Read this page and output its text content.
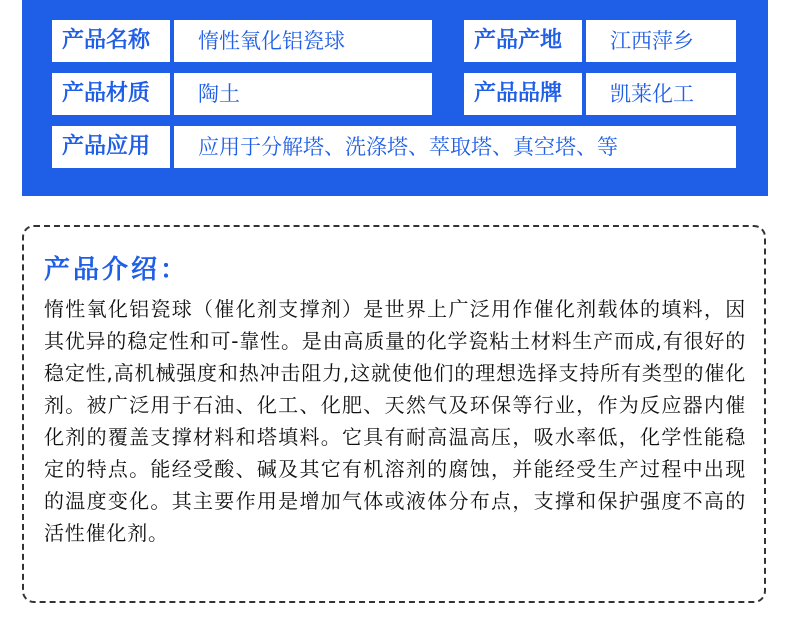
产品名称	惰性氧化铝瓷球	产品产地	江西萍乡
产品材质	陶土	产品品牌	凯莱化工
产品应用	应用于分解塔、洗涤塔、萃取塔、真空塔、等
产品介绍：

惰性氧化铝瓷球（催化剂支撑剂）是世界上广泛用作催化剂载体的填料，因其优异的稳定性和可-靠性。是由高质量的化学瓷粘土材料生产而成,有很好的稳定性,高机械强度和热冲击阻力,这就使他们的理想选择支持所有类型的催化剂。被广泛用于石油、化工、化肥、天然气及环保等行业，作为反应器内催化剂的覆盖支撑材料和塔填料。它具有耐高温高压，吸水率低，化学性能稳定的特点。能经受酸、碱及其它有机溶剂的腐蚀，并能经受生产过程中出现的温度变化。其主要作用是增加气体或液体分布点，支撑和保护强度不高的活性催化剂。
